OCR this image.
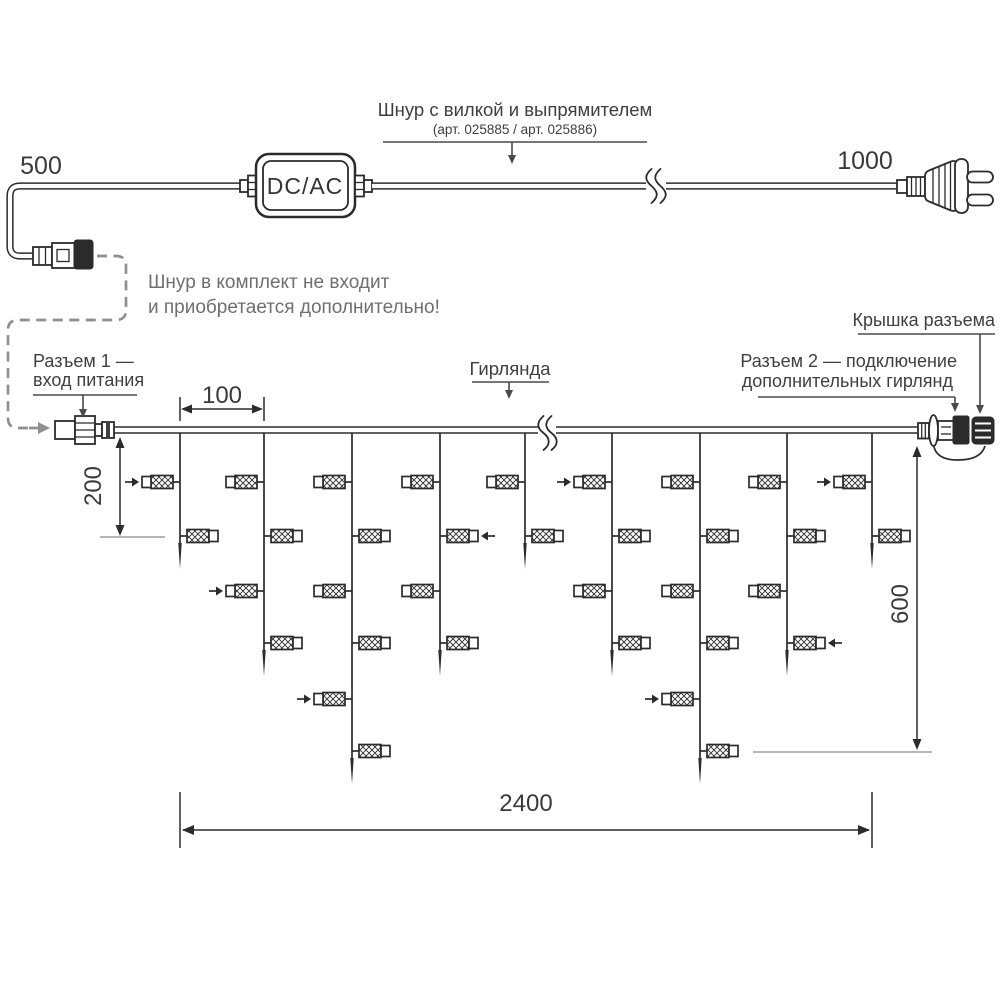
DC/AC
500	1000
Шнур с вилкой и выпрямителем
(арт. 025885 / арт. 025886)
Шнур в комплект не входит
и приобретается дополнительно!
Разъем 1 —
вход питания
Гирлянда	Разъем 2 — подключение
дополнительных гирлянд
Крышка разъема
100
200
600
2400
